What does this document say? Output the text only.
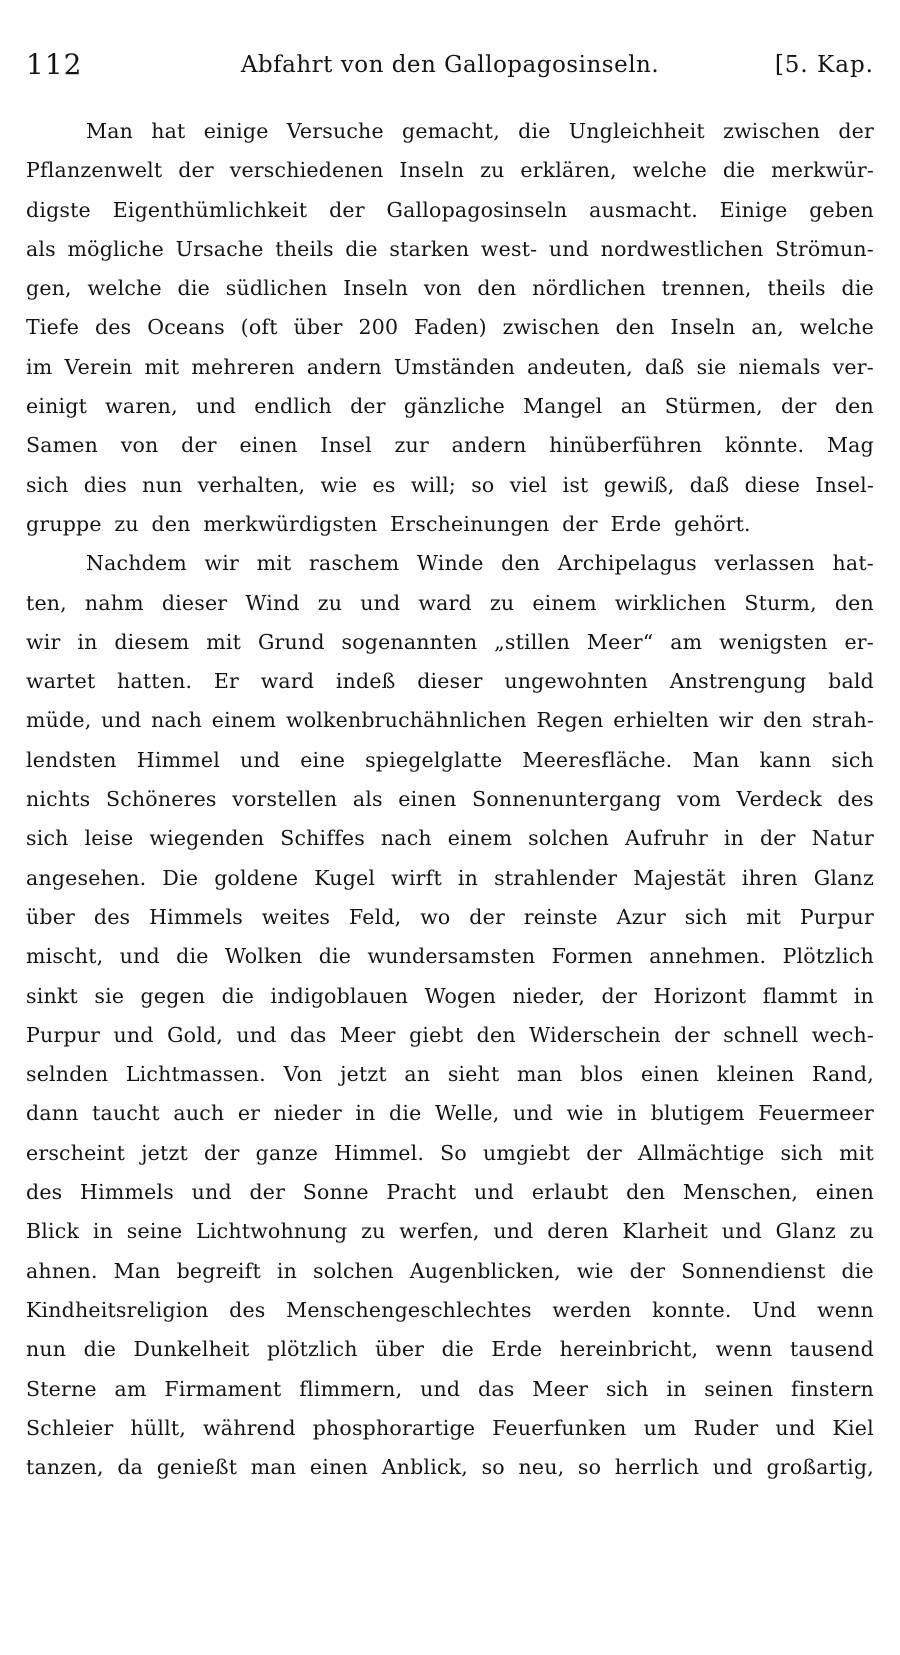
112	Abfahrt von den Gallopagosinseln.	[5. Kap.
Man hat einige Versuche gemacht, die Ungleichheit zwischen der
Pflanzenwelt der verschiedenen Inseln zu erklären, welche die merkwür-
digste Eigenthümlichkeit der Gallopagosinseln ausmacht. Einige geben
als mögliche Ursache theils die starken west- und nordwestlichen Strömun-
gen, welche die südlichen Inseln von den nördlichen trennen, theils die
Tiefe des Oceans (oft über 200 Faden) zwischen den Inseln an, welche
im Verein mit mehreren andern Umständen andeuten, daß sie niemals ver-
einigt waren, und endlich der gänzliche Mangel an Stürmen, der den
Samen von der einen Insel zur andern hinüberführen könnte. Mag
sich dies nun verhalten, wie es will; so viel ist gewiß, daß diese Insel-
gruppe zu den merkwürdigsten Erscheinungen der Erde gehört.
Nachdem wir mit raschem Winde den Archipelagus verlassen hat-
ten, nahm dieser Wind zu und ward zu einem wirklichen Sturm, den
wir in diesem mit Grund sogenannten „stillen Meer“ am wenigsten er-
wartet hatten. Er ward indeß dieser ungewohnten Anstrengung bald
müde, und nach einem wolkenbruchähnlichen Regen erhielten wir den strah-
lendsten Himmel und eine spiegelglatte Meeresfläche. Man kann sich
nichts Schöneres vorstellen als einen Sonnenuntergang vom Verdeck des
sich leise wiegenden Schiffes nach einem solchen Aufruhr in der Natur
angesehen. Die goldene Kugel wirft in strahlender Majestät ihren Glanz
über des Himmels weites Feld, wo der reinste Azur sich mit Purpur
mischt, und die Wolken die wundersamsten Formen annehmen. Plötzlich
sinkt sie gegen die indigoblauen Wogen nieder, der Horizont flammt in
Purpur und Gold, und das Meer giebt den Widerschein der schnell wech-
selnden Lichtmassen. Von jetzt an sieht man blos einen kleinen Rand,
dann taucht auch er nieder in die Welle, und wie in blutigem Feuermeer
erscheint jetzt der ganze Himmel. So umgiebt der Allmächtige sich mit
des Himmels und der Sonne Pracht und erlaubt den Menschen, einen
Blick in seine Lichtwohnung zu werfen, und deren Klarheit und Glanz zu
ahnen. Man begreift in solchen Augenblicken, wie der Sonnendienst die
Kindheitsreligion des Menschengeschlechtes werden konnte. Und wenn
nun die Dunkelheit plötzlich über die Erde hereinbricht, wenn tausend
Sterne am Firmament flimmern, und das Meer sich in seinen finstern
Schleier hüllt, während phosphorartige Feuerfunken um Ruder und Kiel
tanzen, da genießt man einen Anblick, so neu, so herrlich und großartig,
